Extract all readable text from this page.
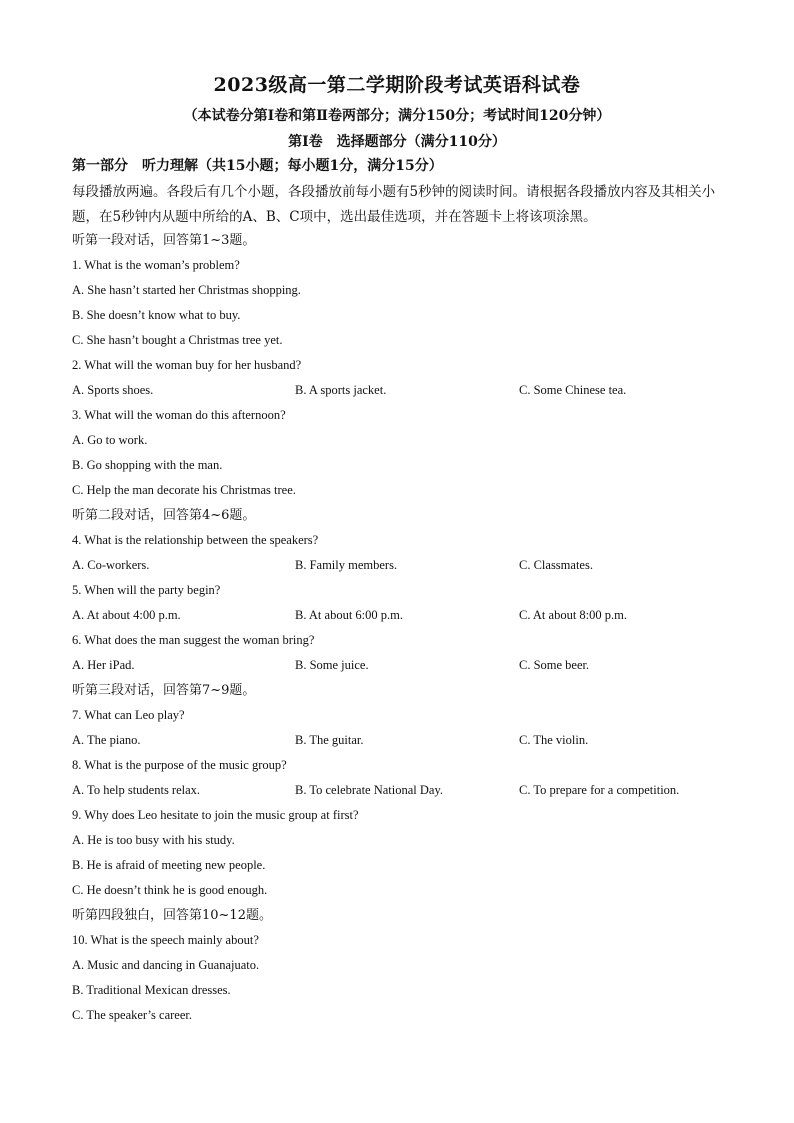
2023级高一第二学期阶段考试英语科试卷
（本试卷分第Ⅰ卷和第Ⅱ卷两部分；满分150分；考试时间120分钟）
第Ⅰ卷　选择题部分（满分110分）
第一部分　听力理解（共15小题；每小题1分，满分15分）
每段播放两遍。各段后有几个小题，各段播放前每小题有5秒钟的阅读时间。请根据各段播放内容及其相关小题，在5秒钟内从题中所给的A、B、C项中，选出最佳选项，并在答题卡上将该项涂黑。
听第一段对话，回答第1~3题。
1. What is the woman’s problem?
A. She hasn’t started her Christmas shopping.
B. She doesn’t know what to buy.
C. She hasn’t bought a Christmas tree yet.
2. What will the woman buy for her husband?
A. Sports shoes.	B. A sports jacket.	C. Some Chinese tea.
3. What will the woman do this afternoon?
A. Go to work.
B. Go shopping with the man.
C. Help the man decorate his Christmas tree.
听第二段对话，回答第4~6题。
4. What is the relationship between the speakers?
A. Co-workers.	B. Family members.	C. Classmates.
5. When will the party begin?
A. At about 4:00 p.m.	B. At about 6:00 p.m.	C. At about 8:00 p.m.
6. What does the man suggest the woman bring?
A. Her iPad.	B. Some juice.	C. Some beer.
听第三段对话，回答第7~9题。
7. What can Leo play?
A. The piano.	B. The guitar.	C. The violin.
8. What is the purpose of the music group?
A. To help students relax.	B. To celebrate National Day.	C. To prepare for a competition.
9. Why does Leo hesitate to join the music group at first?
A. He is too busy with his study.
B. He is afraid of meeting new people.
C. He doesn’t think he is good enough.
听第四段独白，回答第10~12题。
10. What is the speech mainly about?
A. Music and dancing in Guanajuato.
B. Traditional Mexican dresses.
C. The speaker’s career.
